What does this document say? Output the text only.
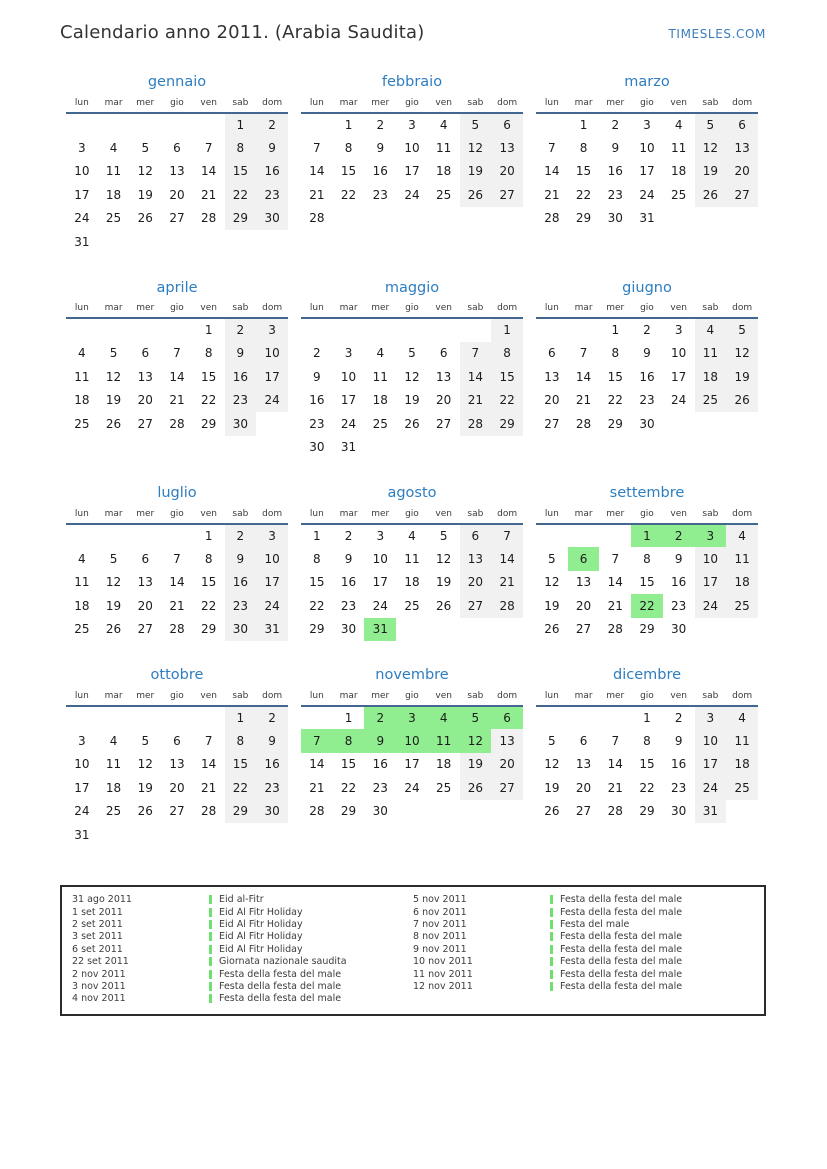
Calendario anno 2011. (Arabia Saudita)	TIMESLES.COM
gennaio
lun	mar	mer	gio	ven	sab	dom
					1	2
3	4	5	6	7	8	9
10	11	12	13	14	15	16
17	18	19	20	21	22	23
24	25	26	27	28	29	30
31						
febbraio
lun	mar	mer	gio	ven	sab	dom
	1	2	3	4	5	6
7	8	9	10	11	12	13
14	15	16	17	18	19	20
21	22	23	24	25	26	27
28						
marzo
lun	mar	mer	gio	ven	sab	dom
	1	2	3	4	5	6
7	8	9	10	11	12	13
14	15	16	17	18	19	20
21	22	23	24	25	26	27
28	29	30	31			
aprile
lun	mar	mer	gio	ven	sab	dom
				1	2	3
4	5	6	7	8	9	10
11	12	13	14	15	16	17
18	19	20	21	22	23	24
25	26	27	28	29	30	
maggio
lun	mar	mer	gio	ven	sab	dom
						1
2	3	4	5	6	7	8
9	10	11	12	13	14	15
16	17	18	19	20	21	22
23	24	25	26	27	28	29
30	31					
giugno
lun	mar	mer	gio	ven	sab	dom
		1	2	3	4	5
6	7	8	9	10	11	12
13	14	15	16	17	18	19
20	21	22	23	24	25	26
27	28	29	30			
luglio
lun	mar	mer	gio	ven	sab	dom
				1	2	3
4	5	6	7	8	9	10
11	12	13	14	15	16	17
18	19	20	21	22	23	24
25	26	27	28	29	30	31
agosto
lun	mar	mer	gio	ven	sab	dom
1	2	3	4	5	6	7
8	9	10	11	12	13	14
15	16	17	18	19	20	21
22	23	24	25	26	27	28
29	30	31				
settembre
lun	mar	mer	gio	ven	sab	dom
			1	2	3	4
5	6	7	8	9	10	11
12	13	14	15	16	17	18
19	20	21	22	23	24	25
26	27	28	29	30		
ottobre
lun	mar	mer	gio	ven	sab	dom
					1	2
3	4	5	6	7	8	9
10	11	12	13	14	15	16
17	18	19	20	21	22	23
24	25	26	27	28	29	30
31						
novembre
lun	mar	mer	gio	ven	sab	dom
	1	2	3	4	5	6
7	8	9	10	11	12	13
14	15	16	17	18	19	20
21	22	23	24	25	26	27
28	29	30				
dicembre
lun	mar	mer	gio	ven	sab	dom
			1	2	3	4
5	6	7	8	9	10	11
12	13	14	15	16	17	18
19	20	21	22	23	24	25
26	27	28	29	30	31	
31 ago 2011	Eid al-Fitr
1 set 2011	Eid Al Fitr Holiday
2 set 2011	Eid Al Fitr Holiday
3 set 2011	Eid Al Fitr Holiday
6 set 2011	Eid Al Fitr Holiday
22 set 2011	Giornata nazionale saudita
2 nov 2011	Festa della festa del male
3 nov 2011	Festa della festa del male
4 nov 2011	Festa della festa del male
5 nov 2011	Festa della festa del male
6 nov 2011	Festa della festa del male
7 nov 2011	Festa del male
8 nov 2011	Festa della festa del male
9 nov 2011	Festa della festa del male
10 nov 2011	Festa della festa del male
11 nov 2011	Festa della festa del male
12 nov 2011	Festa della festa del male
